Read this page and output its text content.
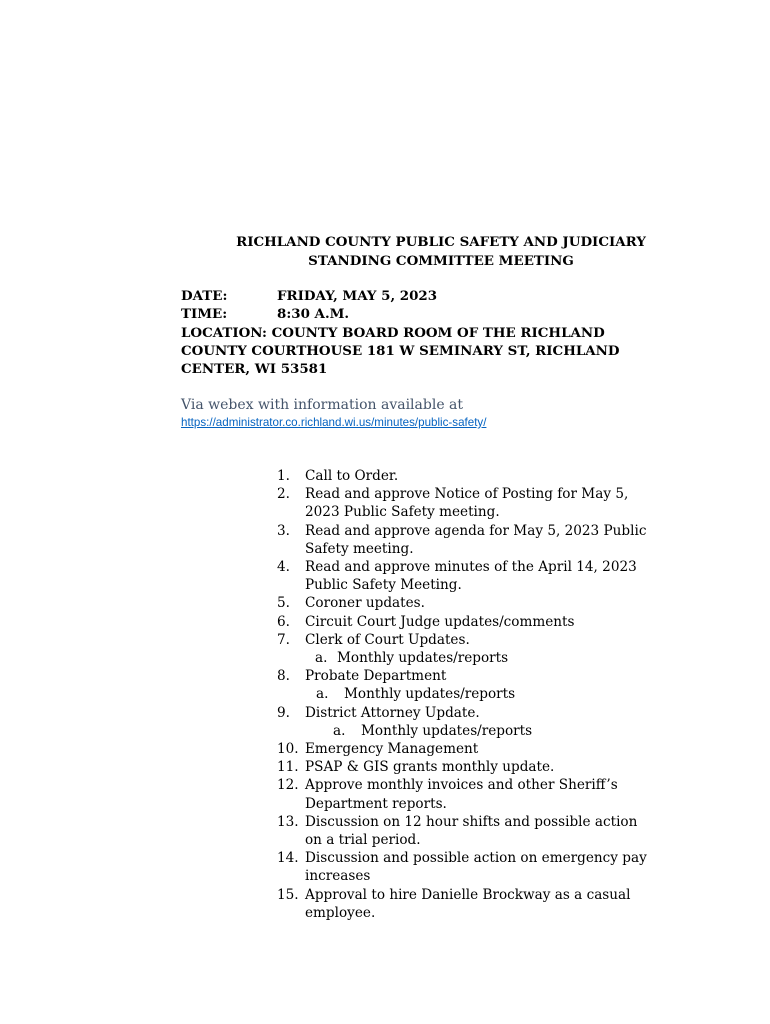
RICHLAND COUNTY PUBLIC SAFETY AND JUDICIARY
STANDING COMMITTEE MEETING
DATE:	FRIDAY, MAY 5, 2023
TIME:	8:30 A.M.
LOCATION: COUNTY BOARD ROOM OF THE RICHLAND
COUNTY COURTHOUSE 181 W SEMINARY ST, RICHLAND
CENTER, WI 53581
Via webex with information available at
https://administrator.co.richland.wi.us/minutes/public-safety/
1.	Call to Order.
2.	Read and approve Notice of Posting for May 5,
2023 Public Safety meeting.
3.	Read and approve agenda for May 5, 2023 Public
Safety meeting.
4.	Read and approve minutes of the April 14, 2023
Public Safety Meeting.
5.	Coroner updates.
6.	Circuit Court Judge updates/comments
7.	Clerk of Court Updates.
a. Monthly updates/reports
8.	Probate Department
a.	Monthly updates/reports
9.	District Attorney Update.
a.	Monthly updates/reports
10. Emergency Management
11. PSAP & GIS grants monthly update.
12. Approve monthly invoices and other Sheriff’s
Department reports.
13. Discussion on 12 hour shifts and possible action
on a trial period.
14. Discussion and possible action on emergency pay
increases
15. Approval to hire Danielle Brockway as a casual
employee.
